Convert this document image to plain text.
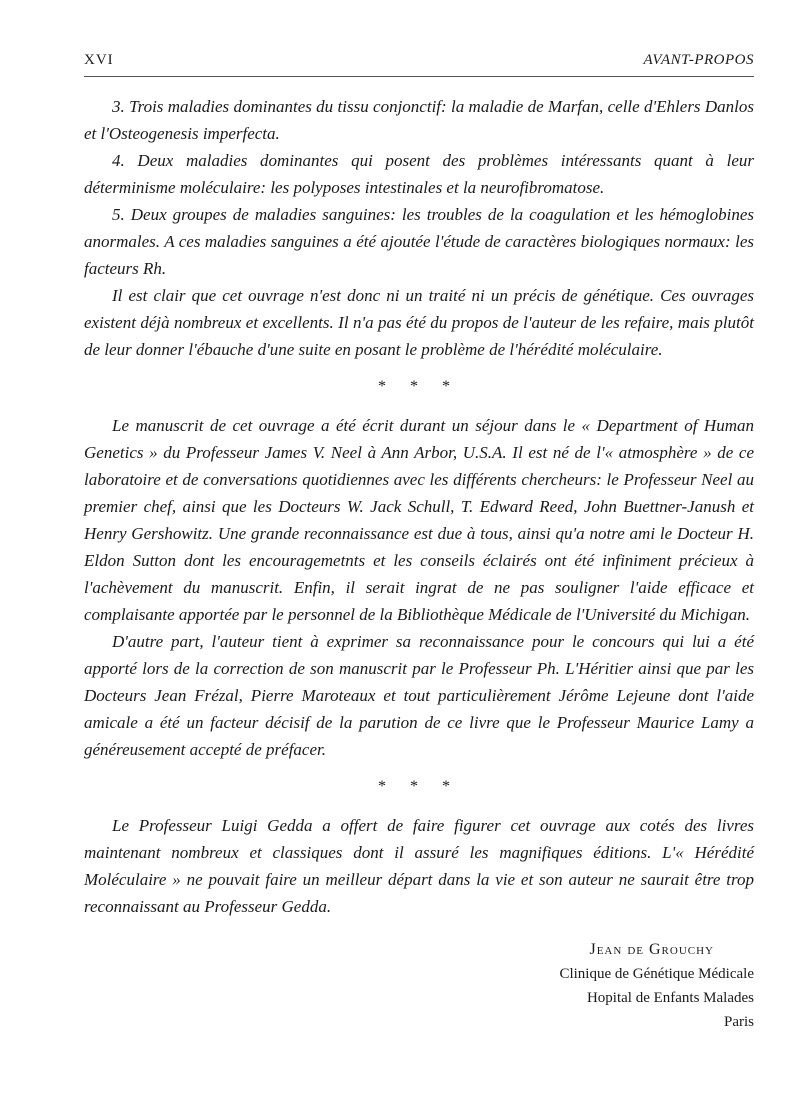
XVI	AVANT-PROPOS

3. Trois maladies dominantes du tissu conjonctif: la maladie de Marfan, celle d'Ehlers Danlos et l'Osteogenesis imperfecta.

4. Deux maladies dominantes qui posent des problèmes intéressants quant à leur déterminisme moléculaire: les polyposes intestinales et la neurofibromatose.

5. Deux groupes de maladies sanguines: les troubles de la coagulation et les hémoglobines anormales. A ces maladies sanguines a été ajoutée l'étude de caractères biologiques normaux: les facteurs Rh.

Il est clair que cet ouvrage n'est donc ni un traité ni un précis de génétique. Ces ouvrages existent déjà nombreux et excellents. Il n'a pas été du propos de l'auteur de les refaire, mais plutôt de leur donner l'ébauche d'une suite en posant le problème de l'hérédité moléculaire.

* * *

Le manuscrit de cet ouvrage a été écrit durant un séjour dans le « Department of Human Genetics » du Professeur James V. Neel à Ann Arbor, U.S.A. Il est né de l'« atmosphère » de ce laboratoire et de conversations quotidiennes avec les différents chercheurs: le Professeur Neel au premier chef, ainsi que les Docteurs W. Jack Schull, T. Edward Reed, John Buettner-Janush et Henry Gershowitz. Une grande reconnaissance est due à tous, ainsi qu'a notre ami le Docteur H. Eldon Sutton dont les encouragemetnts et les conseils éclairés ont été infiniment précieux à l'achèvement du manuscrit. Enfin, il serait ingrat de ne pas souligner l'aide efficace et complaisante apportée par le personnel de la Bibliothèque Médicale de l'Université du Michigan.

D'autre part, l'auteur tient à exprimer sa reconnaissance pour le concours qui lui a été apporté lors de la correction de son manuscrit par le Professeur Ph. L'Héritier ainsi que par les Docteurs Jean Frézal, Pierre Maroteaux et tout particulièrement Jérôme Lejeune dont l'aide amicale a été un facteur décisif de la parution de ce livre que le Professeur Maurice Lamy a généreusement accepté de préfacer.

* * *

Le Professeur Luigi Gedda a offert de faire figurer cet ouvrage aux cotés des livres maintenant nombreux et classiques dont il assuré les magnifiques éditions. L'« Hérédité Moléculaire » ne pouvait faire un meilleur départ dans la vie et son auteur ne saurait être trop reconnaissant au Professeur Gedda.

Jean de Grouchy
Clinique de Génétique Médicale
Hopital de Enfants Malades
Paris
